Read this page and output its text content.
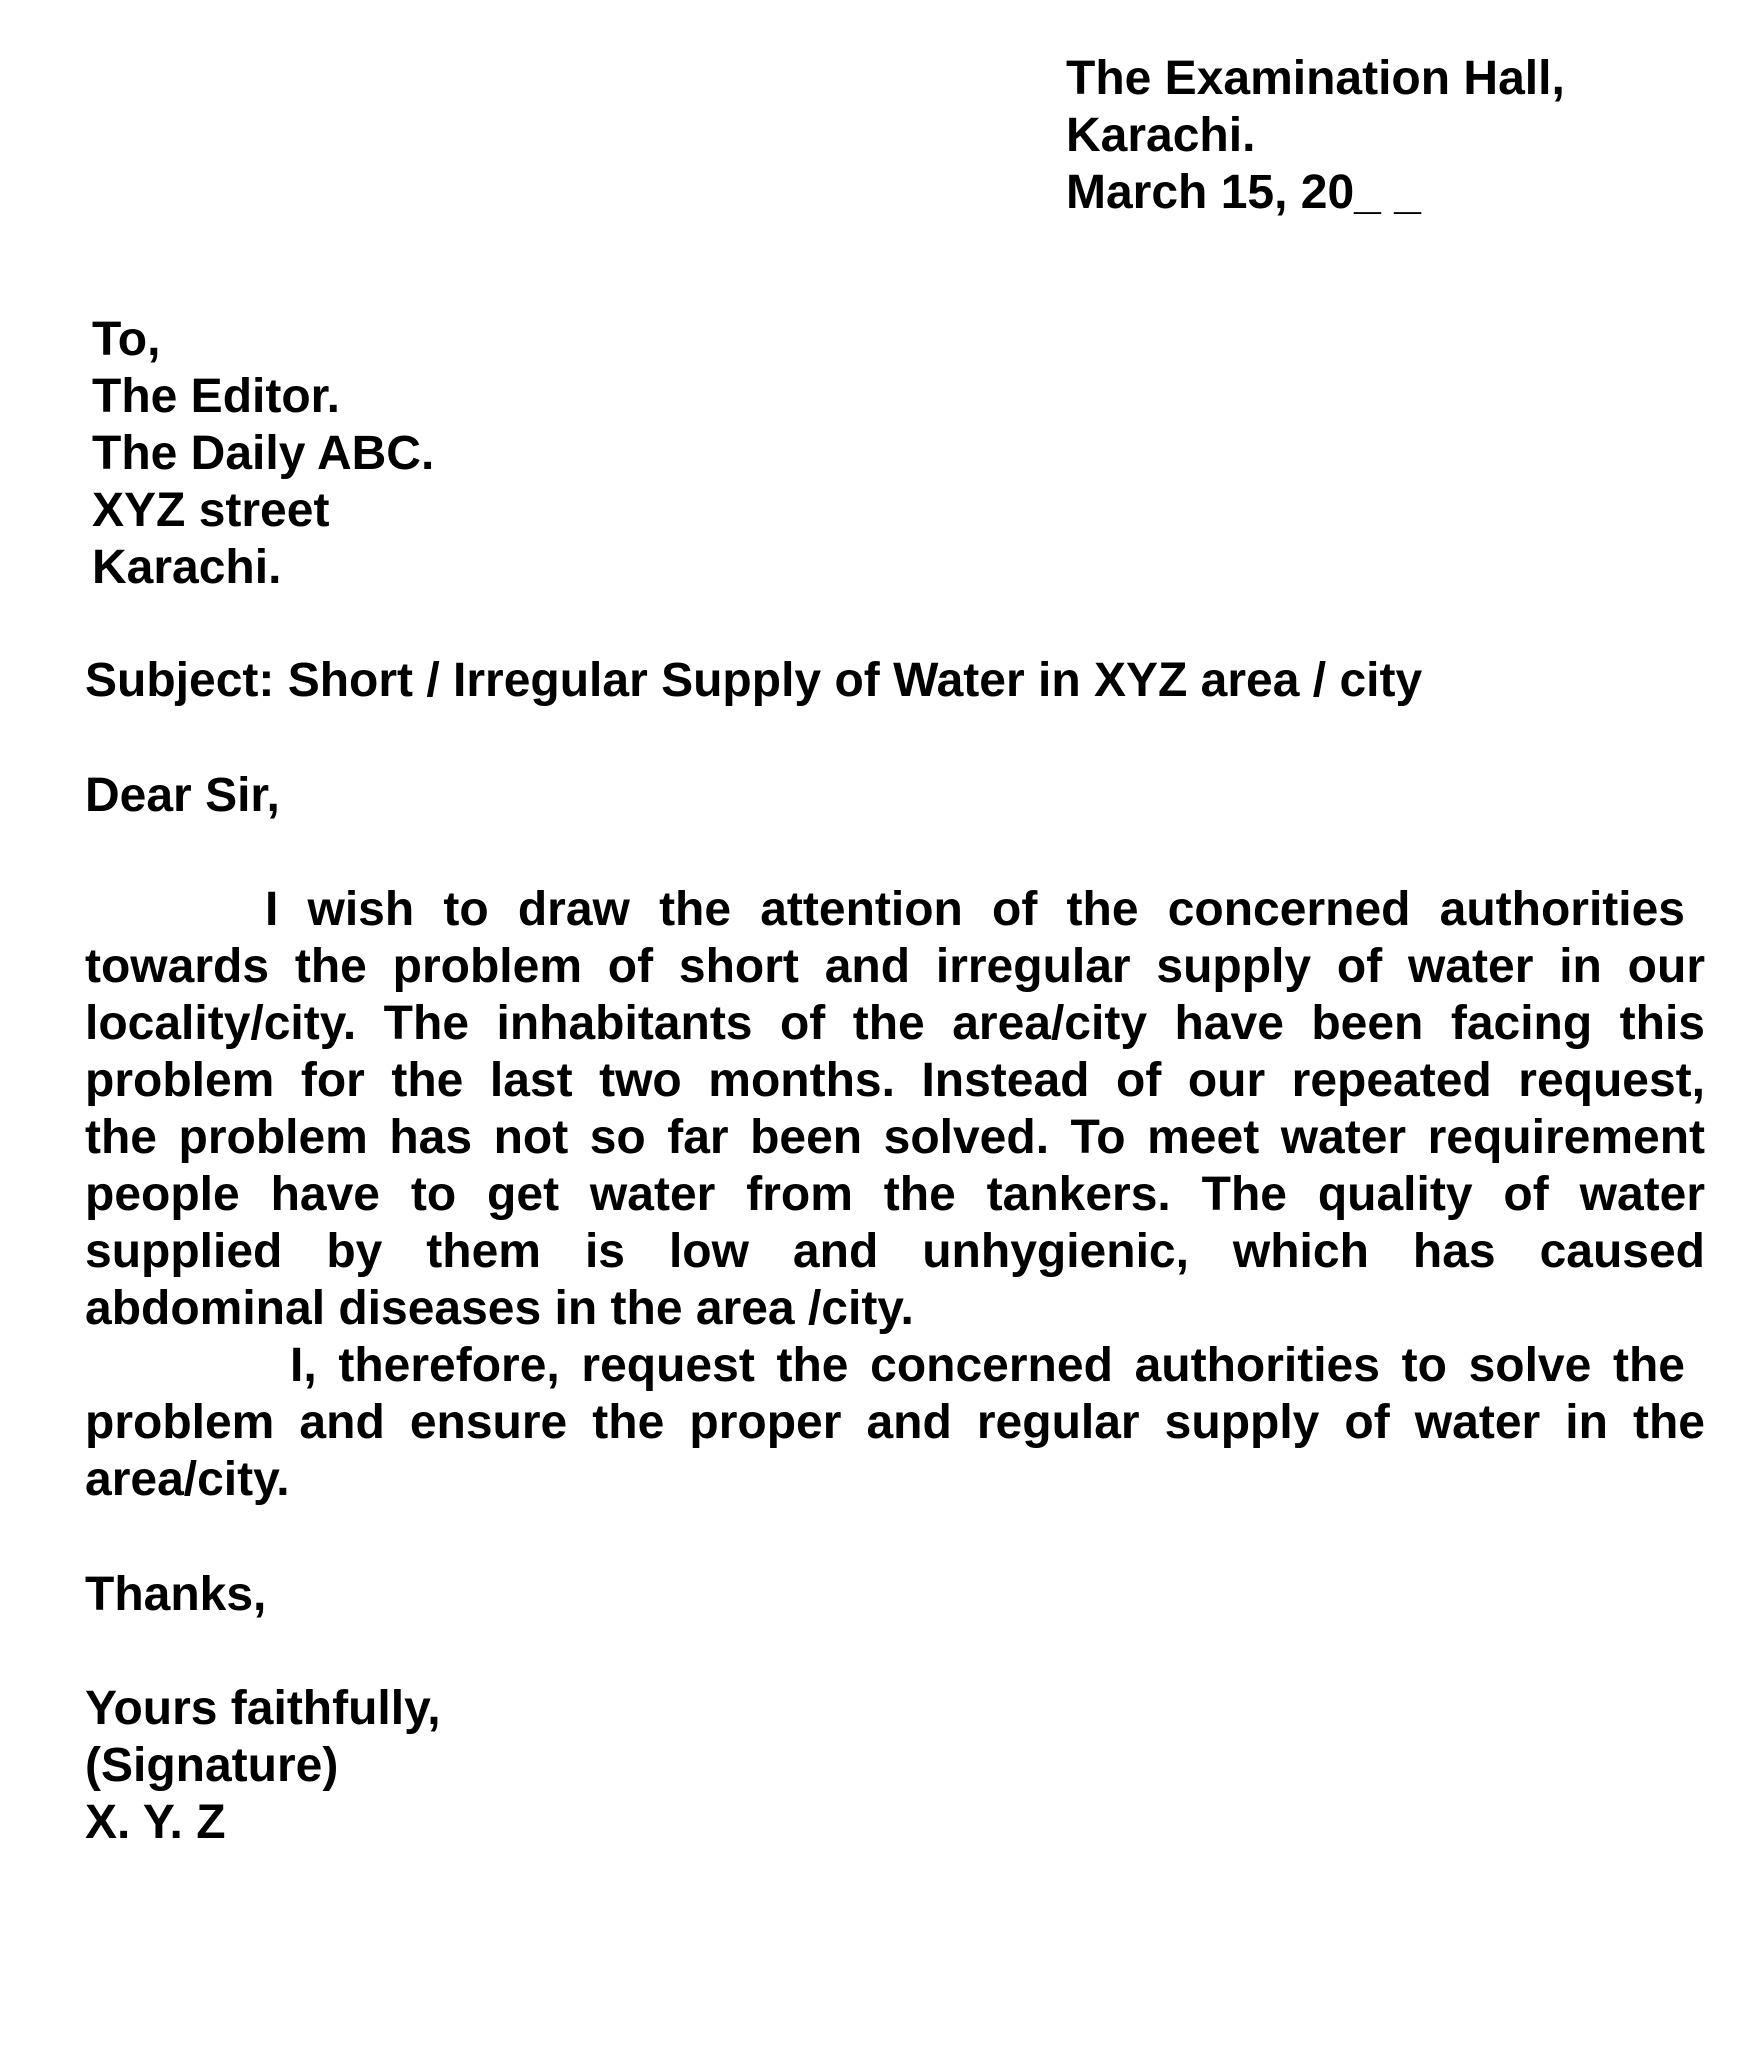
The Examination Hall,
Karachi.
March 15, 20_ _
To,
The Editor.
The Daily ABC.
XYZ street
Karachi.
Subject: Short / Irregular Supply of Water in XYZ area / city
Dear Sir,
I wish to draw the attention of the concerned authorities
towards the problem of short and irregular supply of water in our
locality/city. The inhabitants of the area/city have been facing this
problem for the last two months. Instead of our repeated request,
the problem has not so far been solved. To meet water requirement
people have to get water from the tankers. The quality of water
supplied by them is low and unhygienic, which has caused
abdominal diseases in the area /city.
I, therefore, request the concerned authorities to solve the
problem and ensure the proper and regular supply of water in the
area/city.
Thanks,
Yours faithfully,
(Signature)
X. Y. Z
